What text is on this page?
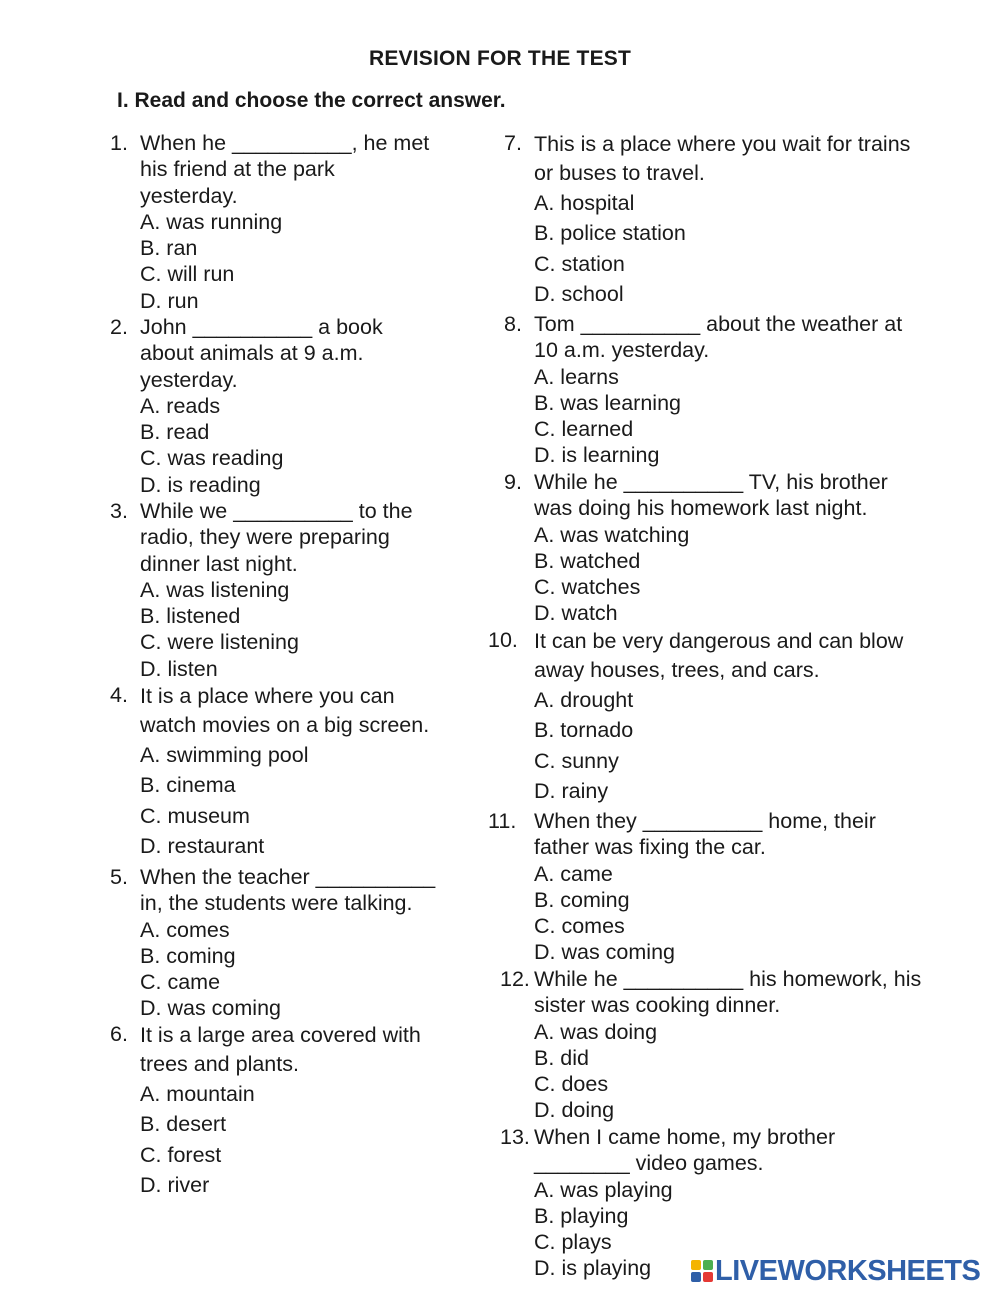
REVISION FOR THE TEST
I. Read and choose the correct answer.
1. When he __________, he met
his friend at the park
yesterday.
A. was running
B. ran
C. will run
D. run
2. John __________ a book
about animals at 9 a.m.
yesterday.
A. reads
B. read
C. was reading
D. is reading
3. While we __________ to the
radio, they were preparing
dinner last night.
A. was listening
B. listened
C. were listening
D. listen
4. It is a place where you can
watch movies on a big screen.
A. swimming pool
B. cinema
C. museum
D. restaurant
5. When the teacher __________
in, the students were talking.
A. comes
B. coming
C. came
D. was coming
6. It is a large area covered with
trees and plants.
A. mountain
B. desert
C. forest
D. river
7. This is a place where you wait for trains
or buses to travel.
A. hospital
B. police station
C. station
D. school
8. Tom __________ about the weather at
10 a.m. yesterday.
A. learns
B. was learning
C. learned
D. is learning
9. While he __________ TV, his brother
was doing his homework last night.
A. was watching
B. watched
C. watches
D. watch
10. It can be very dangerous and can blow
away houses, trees, and cars.
A. drought
B. tornado
C. sunny
D. rainy
11. When they __________ home, their
father was fixing the car.
A. came
B. coming
C. comes
D. was coming
12. While he __________ his homework, his
sister was cooking dinner.
A. was doing
B. did
C. does
D. doing
13. When I came home, my brother
________ video games.
A. was playing
B. playing
C. plays
D. is playing	LIVEWORKSHEETS
